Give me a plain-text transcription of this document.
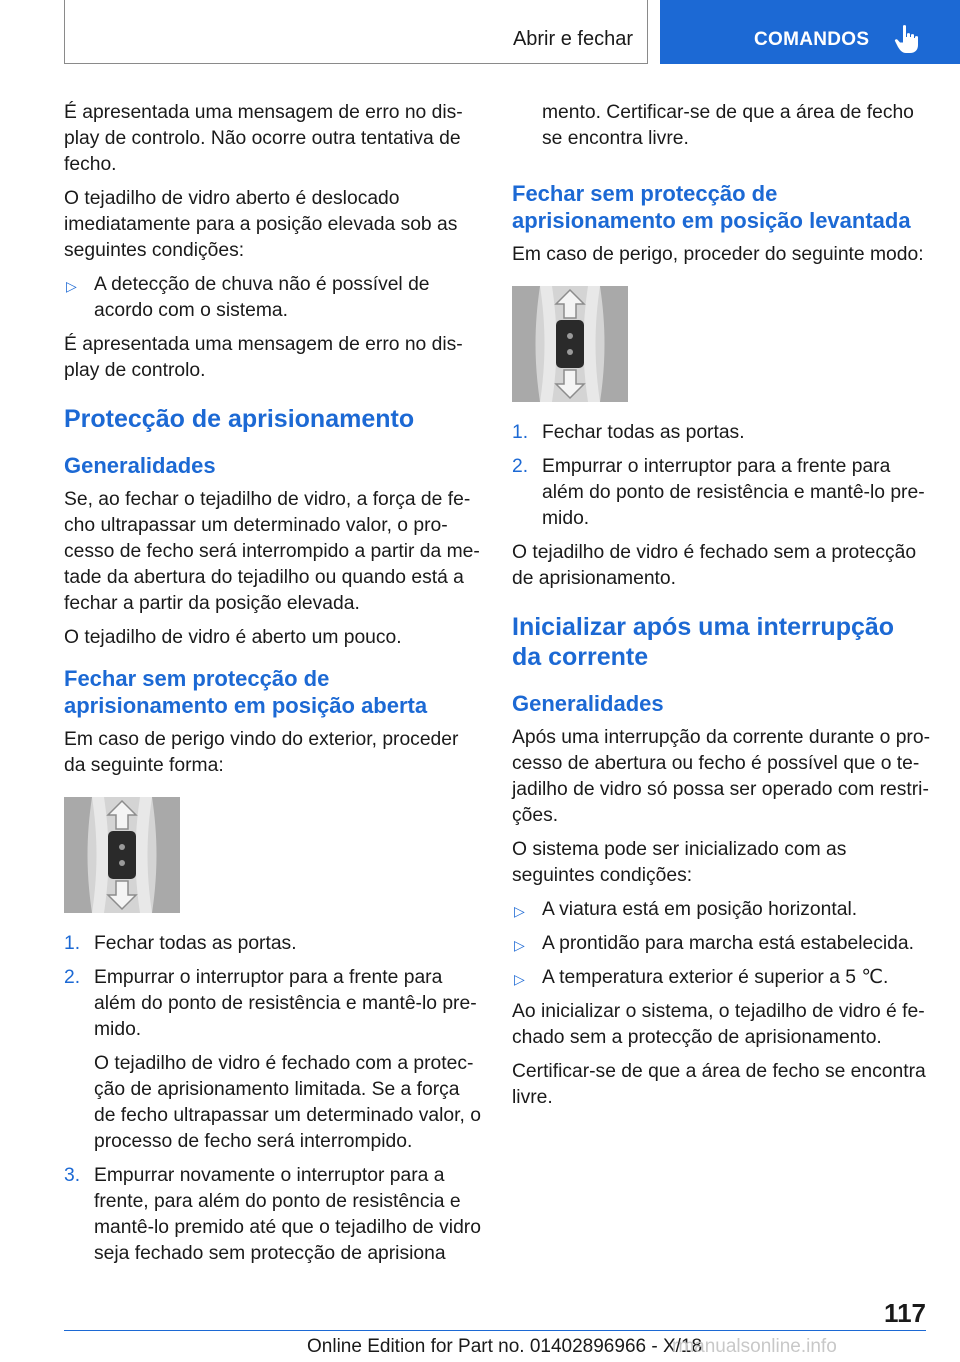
Abrir e fechar	COMANDOS

É apresentada uma mensagem de erro no display de controlo. Não ocorre outra tentativa de fecho.

O tejadilho de vidro aberto é deslocado imediatamente para a posição elevada sob as seguintes condições:

▷ A detecção de chuva não é possível de acordo com o sistema.

É apresentada uma mensagem de erro no display de controlo.

Protecção de aprisionamento
Generalidades

Se, ao fechar o tejadilho de vidro, a força de fecho ultrapassar um determinado valor, o processo de fecho será interrompido a partir da metade da abertura do tejadilho ou quando está a fechar a partir da posição elevada.

O tejadilho de vidro é aberto um pouco.

Fechar sem protecção de aprisionamento em posição aberta

Em caso de perigo vindo do exterior, proceder da seguinte forma:

1. Fechar todas as portas.
2. Empurrar o interruptor para a frente para além do ponto de resistência e mantê-lo premido.

O tejadilho de vidro é fechado com a protecção de aprisionamento limitada. Se a força de fecho ultrapassar um determinado valor, o processo de fecho será interrompido.

3. Empurrar novamente o interruptor para a frente, para além do ponto de resistência e mantê-lo premido até que o tejadilho de vidro seja fechado sem protecção de aprisiona

mento. Certificar-se de que a área de fecho se encontra livre.

Fechar sem protecção de aprisionamento em posição levantada

Em caso de perigo, proceder do seguinte modo:

1. Fechar todas as portas.
2. Empurrar o interruptor para a frente para além do ponto de resistência e mantê-lo premido.

O tejadilho de vidro é fechado sem a protecção de aprisionamento.

Inicializar após uma interrupção da corrente
Generalidades

Após uma interrupção da corrente durante o processo de abertura ou fecho é possível que o tejadilho de vidro só possa ser operado com restrições.

O sistema pode ser inicializado com as seguintes condições:

▷ A viatura está em posição horizontal.
▷ A prontidão para marcha está estabelecida.
▷ A temperatura exterior é superior a 5 ℃.

Ao inicializar o sistema, o tejadilho de vidro é fechado sem a protecção de aprisionamento.

Certificar-se de que a área de fecho se encontra livre.

117
Online Edition for Part no. 01402896966 - X/18
rmanualsonline.info
